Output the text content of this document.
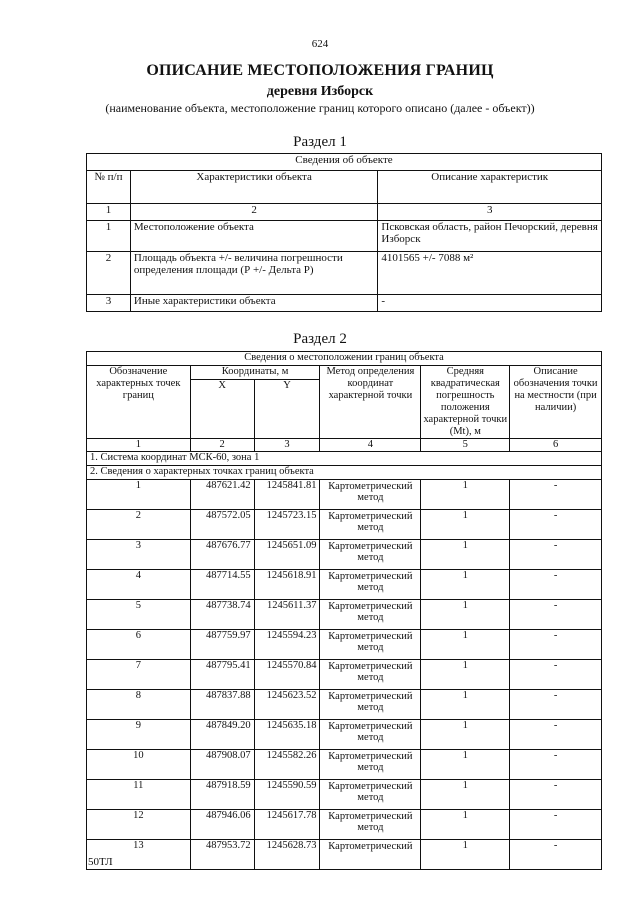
624
ОПИСАНИЕ МЕСТОПОЛОЖЕНИЯ ГРАНИЦ
деревня Изборск
(наименование объекта, местоположение границ которого описано (далее - объект))
Раздел 1
Сведения об объекте		
№ п/п	Характеристики объекта	Описание характеристик
1	2	3
1	Местоположение объекта	Псковская область, район Печорский, деревня Изборск
2	Площадь объекта +/- величина погрешности определения площади (Р +/- Дельта Р)	4101565 +/- 7088 м²
3	Иные характеристики объекта	-
Раздел 2
Сведения о местоположении границ объекта					
Обозначение характерных точек границ	Координаты, м		Метод определения координат характерной точки	Средняя квадратическая погрешность положения характерной точки (Mt), м	Описание обозначения точки на местности (при наличии)
	X	Y			
1	2	3	4	5	6
1. Система координат МСК-60, зона 1					
2. Сведения о характерных точках границ объекта					
1	487621.42	1245841.81	Картометрический метод	1	-
2	487572.05	1245723.15	Картометрический метод	1	-
3	487676.77	1245651.09	Картометрический метод	1	-
4	487714.55	1245618.91	Картометрический метод	1	-
5	487738.74	1245611.37	Картометрический метод	1	-
6	487759.97	1245594.23	Картометрический метод	1	-
7	487795.41	1245570.84	Картометрический метод	1	-
8	487837.88	1245623.52	Картометрический метод	1	-
9	487849.20	1245635.18	Картометрический метод	1	-
10	487908.07	1245582.26	Картометрический метод	1	-
11	487918.59	1245590.59	Картометрический метод	1	-
12	487946.06	1245617.78	Картометрический метод	1	-
13	487953.72	1245628.73	Картометрический	1	-
50ТЛ
